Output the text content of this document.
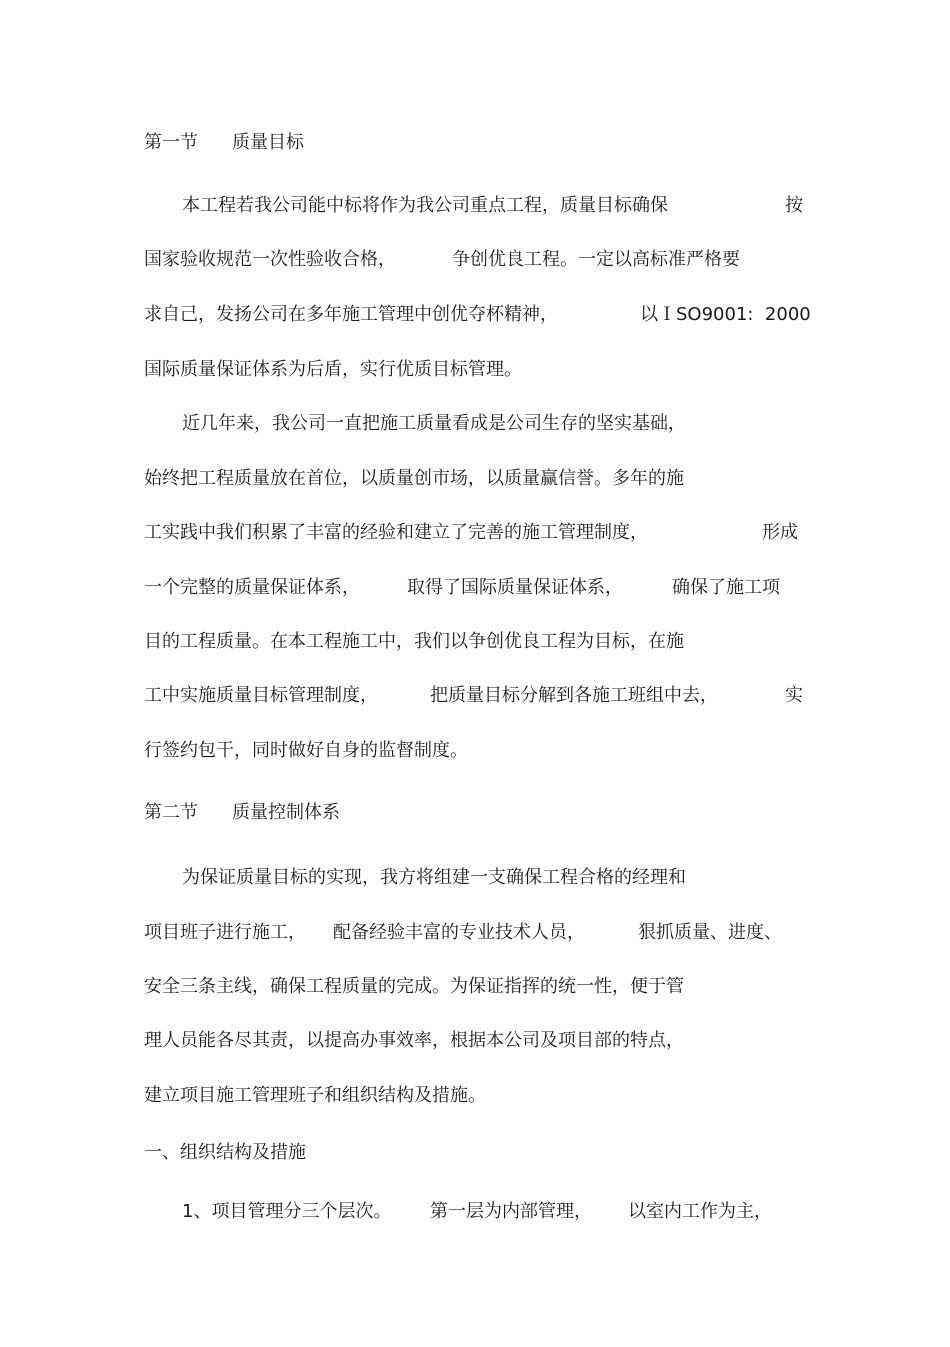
第一节

质量目标

本工程若我公司能中标将作为我公司重点工程，质量目标确保

	按

国家验收规范一次性验收合格，

	争创优良工程。一定以高标准严格要

求自己，发扬公司在多年施工管理中创优夺杯精神，

	以ＩSO9001:  2000

国际质量保证体系为后盾，实行优质目标管理。

近几年来，我公司一直把施工质量看成是公司生存的坚实基础，

始终把工程质量放在首位，以质量创市场，以质量赢信誉。多年的施

工实践中我们积累了丰富的经验和建立了完善的施工管理制度，

	形成

一个完整的质量保证体系，

	取得了国际质量保证体系，

	确保了施工项

目的工程质量。在本工程施工中，我们以争创优良工程为目标，在施

工中实施质量目标管理制度，

	把质量目标分解到各施工班组中去，

	实

行签约包干，同时做好自身的监督制度。

第二节

质量控制体系

为保证质量目标的实现，我方将组建一支确保工程合格的经理和

项目班子进行施工，

配备经验丰富的专业技术人员，

	狠抓质量、进度、

安全三条主线，确保工程质量的完成。为保证指挥的统一性，便于管

理人员能各尽其责，以提高办事效率，根据本公司及项目部的特点，

建立项目施工管理班子和组织结构及措施。

一、组织结构及措施

1、项目管理分三个层次。

第一层为内部管理，

以室内工作为主，
